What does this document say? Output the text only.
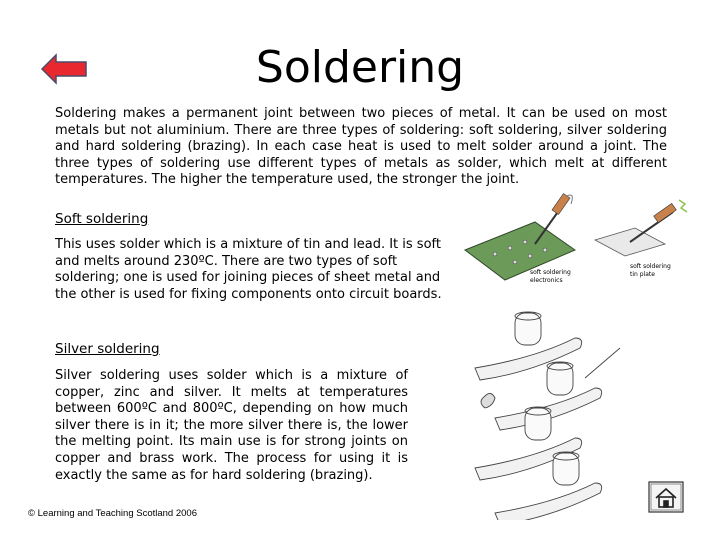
Soldering

Soldering makes a permanent joint between two pieces of metal. It can be used on most metals but not aluminium. There are three types of soldering: soft soldering, silver soldering and hard soldering (brazing). In each case heat is used to melt solder around a joint. The three types of soldering use different types of metals as solder, which melt at different temperatures. The higher the temperature used, the stronger the joint.

Soft soldering

This uses solder which is a mixture of tin and lead. It is soft and melts around 230ºC. There are two types of soft soldering; one is used for joining pieces of sheet metal and the other is used for fixing components onto circuit boards.

soft soldering
electronics
soft soldering
tin plate

Silver soldering

Silver soldering uses solder which is a mixture of copper, zinc and silver. It melts at temperatures between 600ºC and 800ºC, depending on how much silver there is in it; the more silver there is, the lower the melting point. Its main use is for strong joints on copper and brass work. The process for using it is exactly the same as for hard soldering (brazing).

© Learning and Teaching Scotland 2006
